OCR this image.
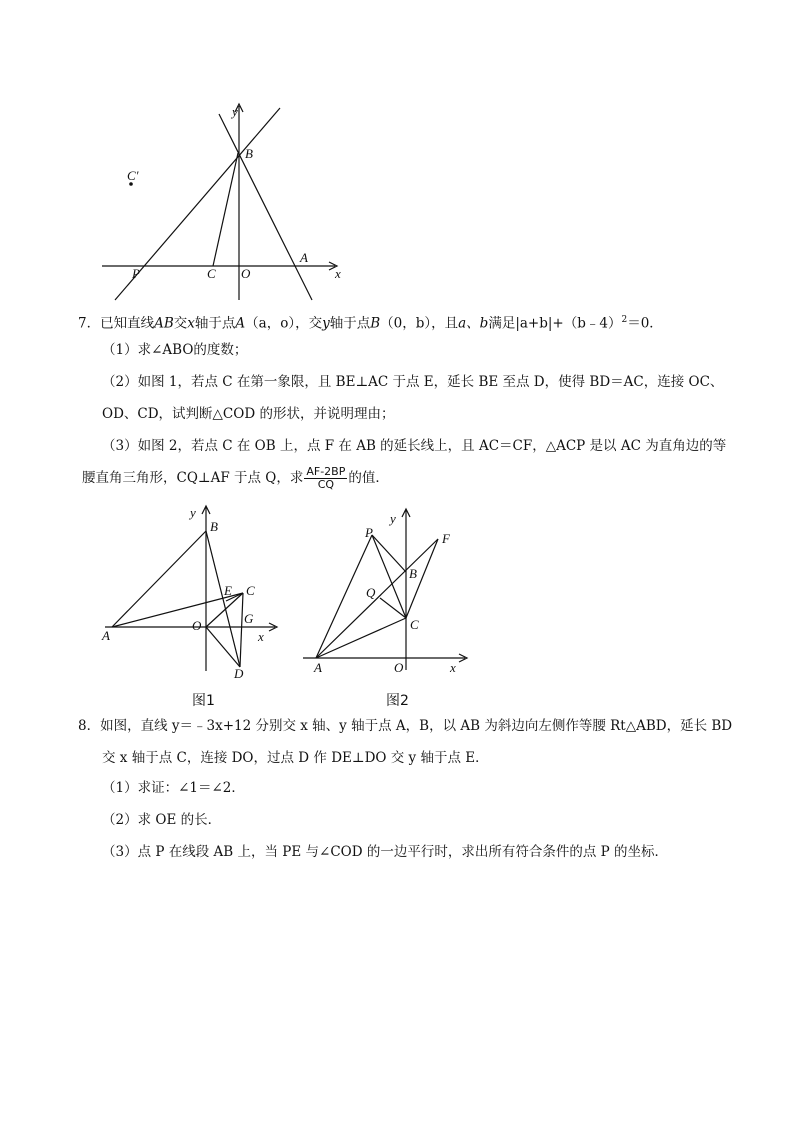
y
B
C′
P	C O
A
x
7．已知直线AB交x轴于点A（a，o），交y轴于点B（0，b），且a、b满足|a+b|+（b﹣4）$^2$＝0．
（1）求∠ABO的度数；
（2）如图 1，若点 C 在第一象限，且 BE⊥AC 于点 E，延长 BE 至点 D，使得 BD＝AC，连接 OC、
OD、CD，试判断△COD 的形状，并说明理由；
（3）如图 2，若点 C 在 OB 上，点 F 在 AB 的延长线上，且 AC＝CF，△ACP 是以 AC 为直角边的等
腰直角三角形，CQ⊥AF 于点 Q，求 $\frac{AF-2BP}{CQ}$ 的值．
y
B
E C
A
O	G
x
D
图1
y
P	F
B
Q
C
A	O	x
图2
8．如图，直线 y＝﹣3x+12 分别交 x 轴、y 轴于点 A，B，以 AB 为斜边向左侧作等腰 Rt△ABD，延长 BD
交 x 轴于点 C，连接 DO，过点 D 作 DE⊥DO 交 y 轴于点 E．
（1）求证：∠1＝∠2．
（2）求 OE 的长．
（3）点 P 在线段 AB 上，当 PE 与∠COD 的一边平行时，求出所有符合条件的点 P 的坐标．
